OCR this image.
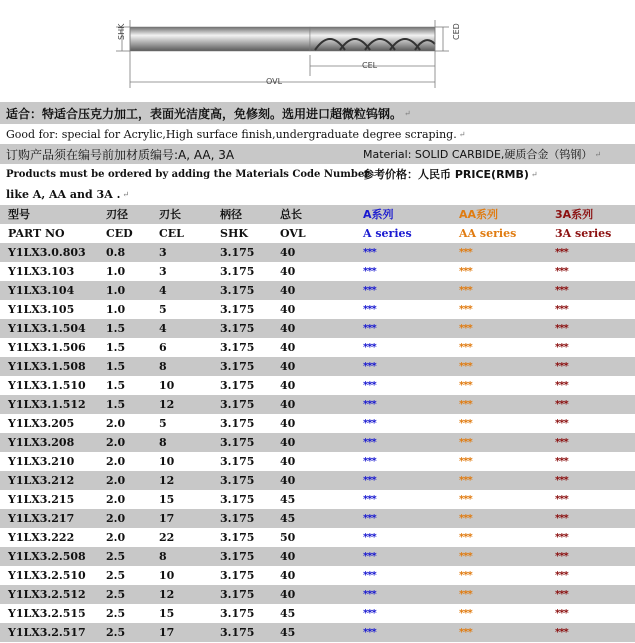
SHK	CED
CEL
OVL
适合：特适合压克力加工，表面光洁度高，免修刻。选用进口超微粒钨钢。 ↵
Good for: special for Acrylic,High surface finish,undergraduate degree scraping. ↵
订购产品须在编号前加材质编号:A, AA, 3A	Material: SOLID CARBIDE,硬质合金（钨钢） ↵
Products must be ordered by adding the Materials Code Number
参考价格：人民币 PRICE(RMB) ↵
like A, AA and 3A . ↵
型号	刃径	刃长	柄径	总长	A系列	AA系列	3A系列
PART NO	CED CEL	SHK	OVL	A series	AA series	3A series
Y1LX3.0.803 0.8	3	3.175 40	***	***	***
Y1LX3.103	1.0	3	3.175 40	***	***	***
Y1LX3.104	1.0	4	3.175 40	***	***	***
Y1LX3.105	1.0	5	3.175 40	***	***	***
Y1LX3.1.504 1.5	4	3.175 40	***	***	***
Y1LX3.1.506 1.5	6	3.175 40	***	***	***
Y1LX3.1.508 1.5	8	3.175 40	***	***	***
Y1LX3.1.510 1.5	10	3.175 40	***	***	***
Y1LX3.1.512 1.5	12	3.175 40	***	***	***
Y1LX3.205	2.0	5	3.175 40	***	***	***
Y1LX3.208	2.0	8	3.175 40	***	***	***
Y1LX3.210	2.0	10	3.175 40	***	***	***
Y1LX3.212	2.0	12	3.175 40	***	***	***
Y1LX3.215	2.0	15	3.175 45	***	***	***
Y1LX3.217	2.0	17	3.175 45	***	***	***
Y1LX3.222	2.0	22	3.175 50	***	***	***
Y1LX3.2.508 2.5	8	3.175 40	***	***	***
Y1LX3.2.510 2.5	10	3.175 40	***	***	***
Y1LX3.2.512 2.5	12	3.175 40	***	***	***
Y1LX3.2.515 2.5	15	3.175 45	***	***	***
Y1LX3.2.517 2.5	17	3.175 45	***	***	***
